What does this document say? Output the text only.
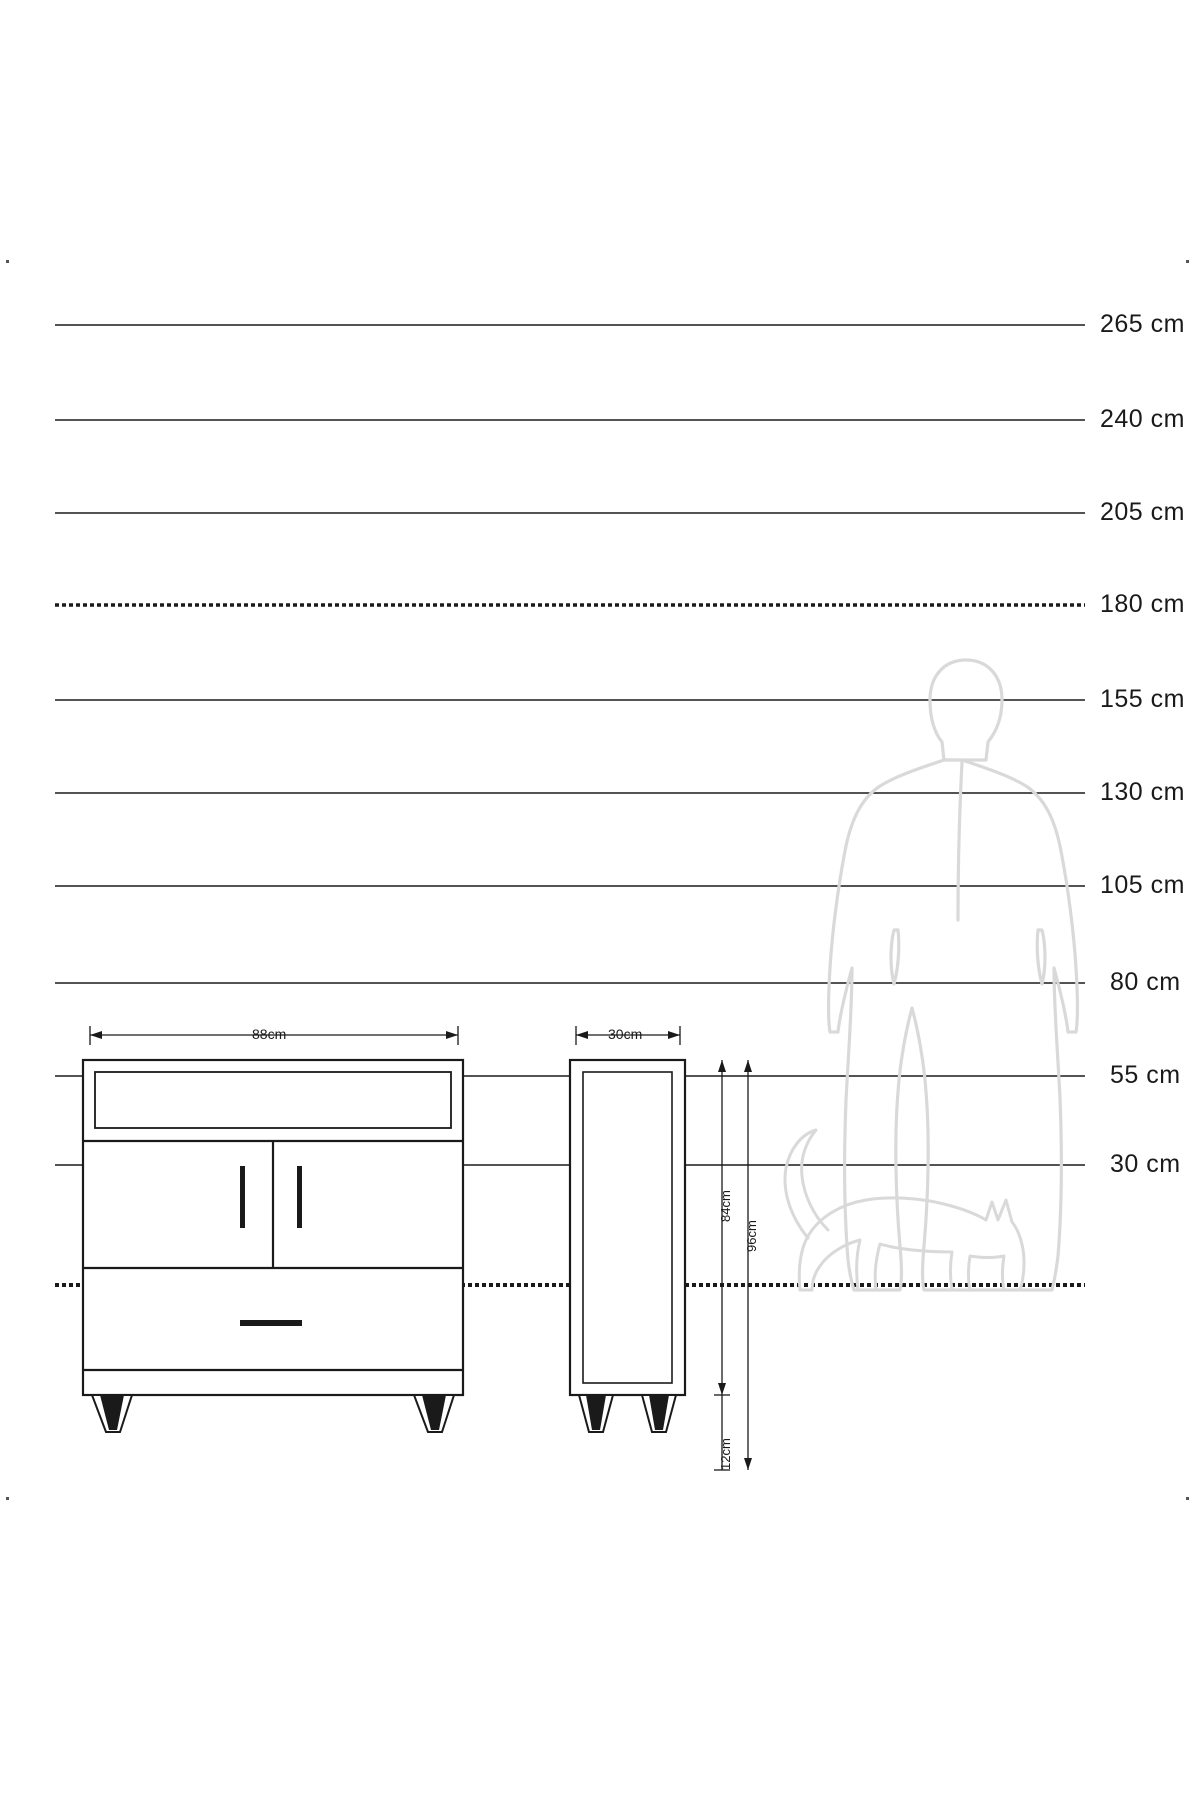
265 cm
240 cm
205 cm
180 cm
155 cm
130 cm
105 cm
80 cm
55 cm
30 cm
88cm	30cm
84cm
96cm
12cm
